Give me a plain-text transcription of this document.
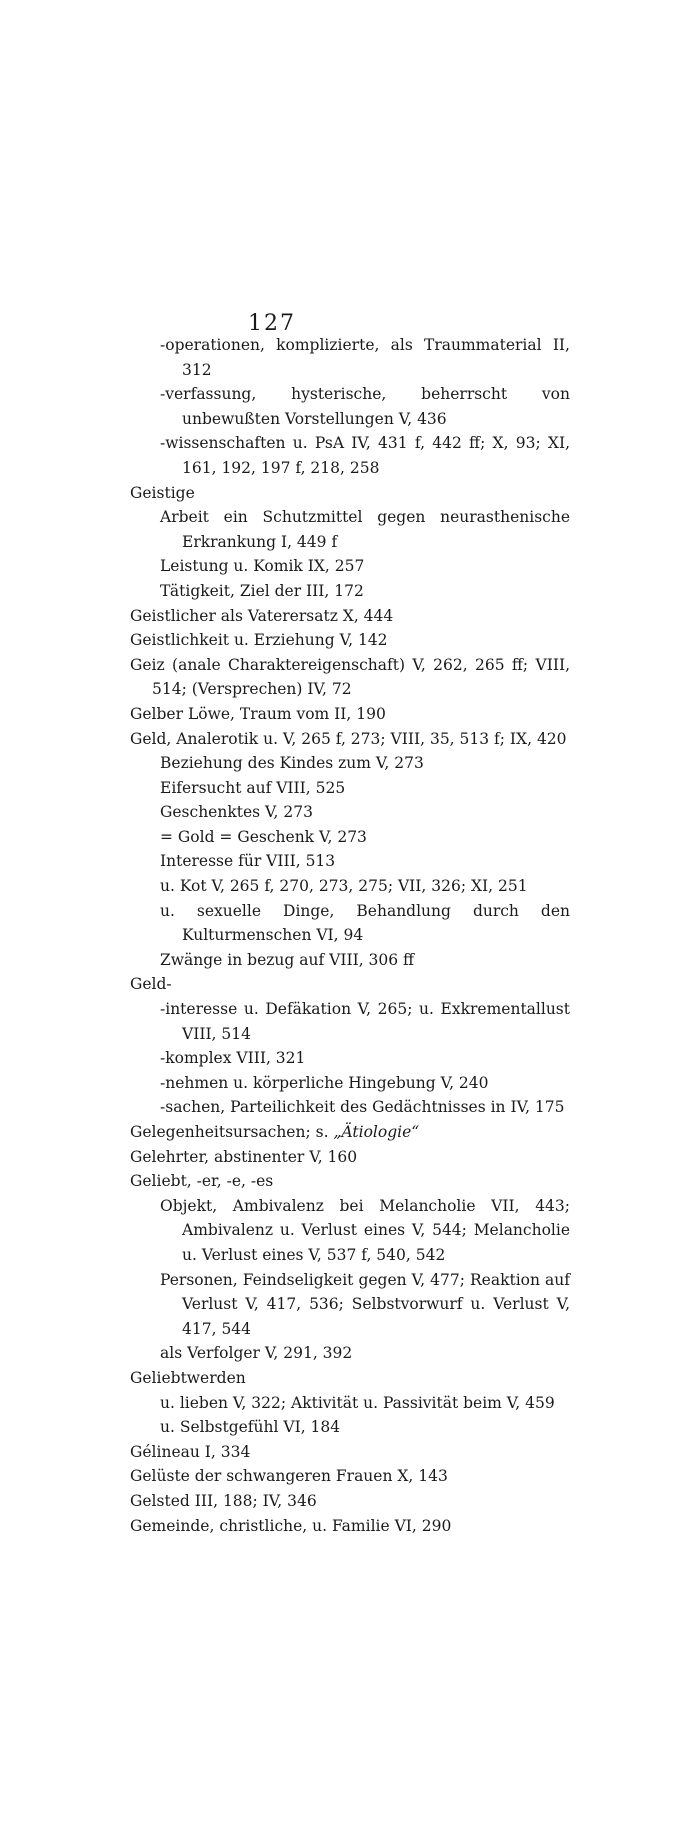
127
-operationen, komplizierte, als Traummaterial II, 312
-verfassung, hysterische, beherrscht von unbewußten Vorstellungen V, 436
-wissenschaften u. PsA IV, 431 f, 442 ff; X, 93; XI, 161, 192, 197 f, 218, 258
Geistige
Arbeit ein Schutzmittel gegen neurasthenische Erkrankung I, 449 f
Leistung u. Komik IX, 257
Tätigkeit, Ziel der III, 172
Geistlicher als Vaterersatz X, 444
Geistlichkeit u. Erziehung V, 142
Geiz (anale Charaktereigenschaft) V, 262, 265 ff; VIII, 514; (Versprechen) IV, 72
Gelber Löwe, Traum vom II, 190
Geld, Analerotik u. V, 265 f, 273; VIII, 35, 513 f; IX, 420
Beziehung des Kindes zum V, 273
Eifersucht auf VIII, 525
Geschenktes V, 273
= Gold = Geschenk V, 273
Interesse für VIII, 513
u. Kot V, 265 f, 270, 273, 275; VII, 326; XI, 251
u. sexuelle Dinge, Behandlung durch den Kulturmenschen VI, 94
Zwänge in bezug auf VIII, 306 ff
Geld-
-interesse u. Defäkation V, 265; u. Exkrementallust VIII, 514
-komplex VIII, 321
-nehmen u. körperliche Hingebung V, 240
-sachen, Parteilichkeit des Gedächtnisses in IV, 175
Gelegenheitsursachen; s. „Ätiologie“
Gelehrter, abstinenter V, 160
Geliebt, -er, -e, -es
Objekt, Ambivalenz bei Melancholie VII, 443; Ambivalenz u. Verlust eines V, 544; Melancholie u. Verlust eines V, 537 f, 540, 542
Personen, Feindseligkeit gegen V, 477; Reaktion auf Verlust V, 417, 536; Selbstvorwurf u. Verlust V, 417, 544
als Verfolger V, 291, 392
Geliebtwerden
u. lieben V, 322; Aktivität u. Passivität beim V, 459
u. Selbstgefühl VI, 184
Gélineau I, 334
Gelüste der schwangeren Frauen X, 143
Gelsted III, 188; IV, 346
Gemeinde, christliche, u. Familie VI, 290
